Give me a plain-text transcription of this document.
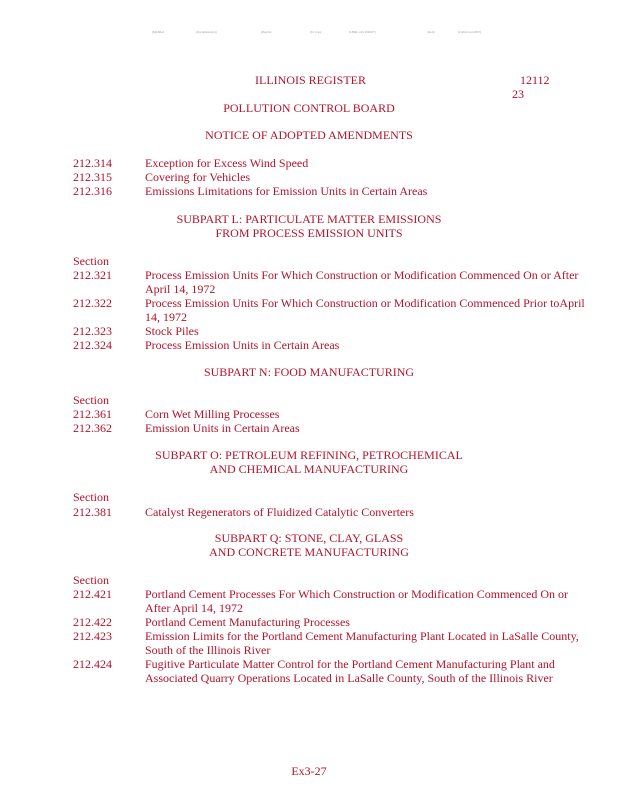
(Modified	(Documentation)	(Pagefor	(To Copy	(LB&L only 2006/07)	(mod)	(Collab/Law/2007)
ILLINOIS REGISTER	12112
23
POLLUTION CONTROL BOARD
NOTICE OF ADOPTED AMENDMENTS
212.314	Exception for Excess Wind Speed
212.315	Covering for Vehicles
212.316	Emissions Limitations for Emission Units in Certain Areas
SUBPART L: PARTICULATE MATTER EMISSIONS
FROM PROCESS EMISSION UNITS
Section
212.321	Process Emission Units For Which Construction or Modification Commenced On or After April 14, 1972
212.322	Process Emission Units For Which Construction or Modification Commenced Prior toApril 14, 1972
212.323	Stock Piles
212.324	Process Emission Units in Certain Areas
SUBPART N: FOOD MANUFACTURING
Section
212.361	Corn Wet Milling Processes
212.362	Emission Units in Certain Areas
SUBPART O: PETROLEUM REFINING, PETROCHEMICAL
AND CHEMICAL MANUFACTURING
Section
212.381	Catalyst Regenerators of Fluidized Catalytic Converters
SUBPART Q: STONE, CLAY, GLASS
AND CONCRETE MANUFACTURING
Section
212.421	Portland Cement Processes For Which Construction or Modification Commenced On or After April 14, 1972
212.422	Portland Cement Manufacturing Processes
212.423	Emission Limits for the Portland Cement Manufacturing Plant Located in LaSalle County, South of the Illinois River
212.424	Fugitive Particulate Matter Control for the Portland Cement Manufacturing Plant and Associated Quarry Operations Located in LaSalle County, South of the Illinois River
Ex3-27
